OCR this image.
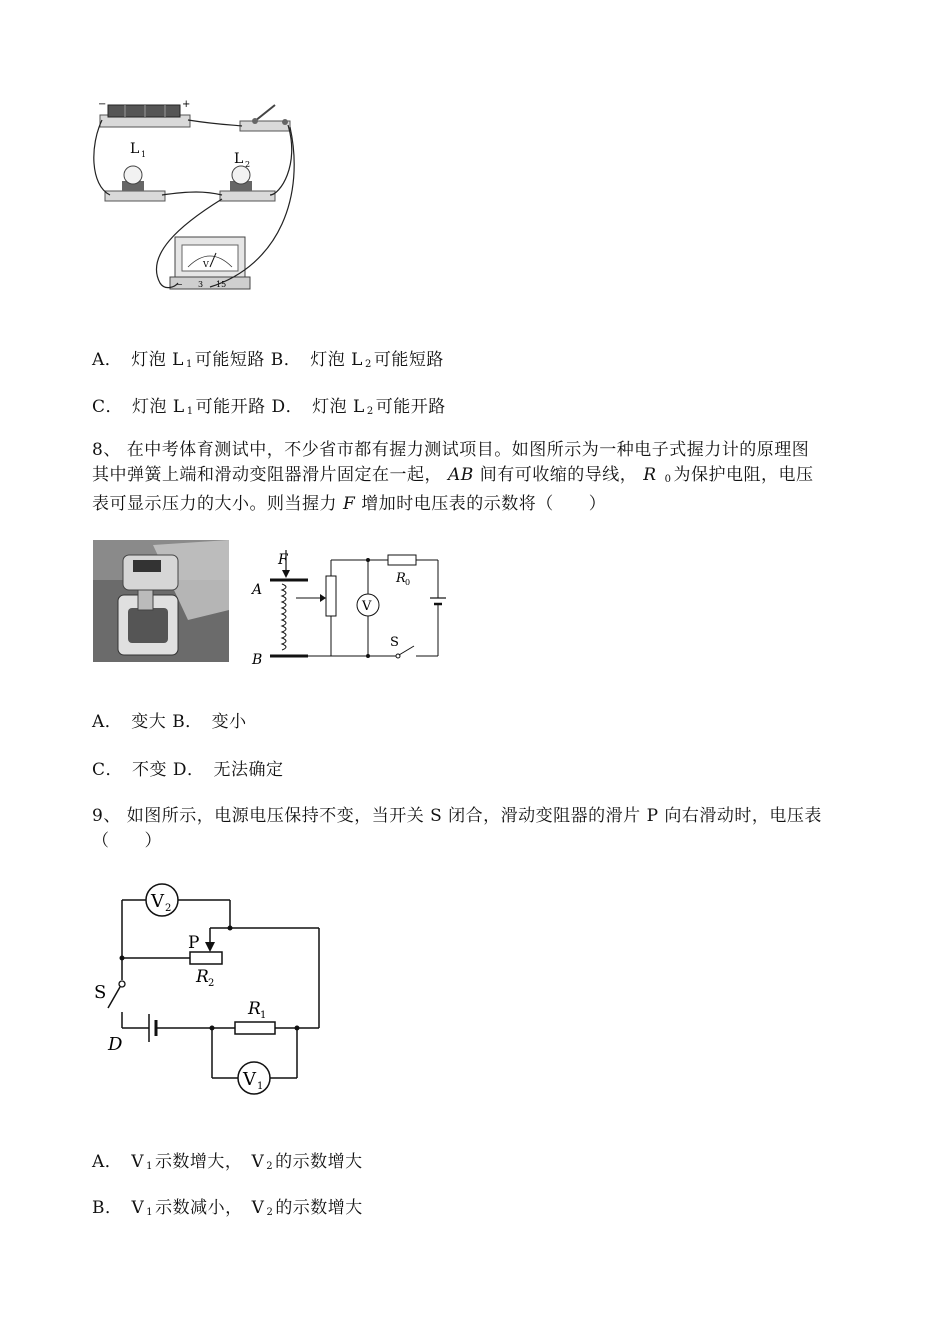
−	+
L 1	L 2
V
− 3 15
A．　 灯泡 L $_1$ 可能短路 B．　 灯泡 L $_2$ 可能短路
C．　 灯泡 L $_1$ 可能开路 D．　 灯泡 L $_2$ 可能开路
8、 在中考体育测试中，不少省市都有握力测试项目。如图所示为一种电子式握力计的原理图
其中弹簧上端和滑动变阻器滑片固定在一起， AB 间有可收缩的导线， R $_0$ 为保护电阻，电压
表可显示压力的大小。则当握力 F 增加时电压表的示数将（　　）
F
A
B
V
R 0
S
A．　变大 B．　变小
C．　不变 D．　无法确定
9、 如图所示，电源电压保持不变，当开关 S 闭合，滑动变阻器的滑片 P 向右滑动时，电压表
（　　）
V 2
P
R 2
S
D
R 1
V 1
A．　 V $_1$ 示数增大，　 V $_2$ 的示数增大
B．　 V $_1$ 示数减小，　 V $_2$ 的示数增大
